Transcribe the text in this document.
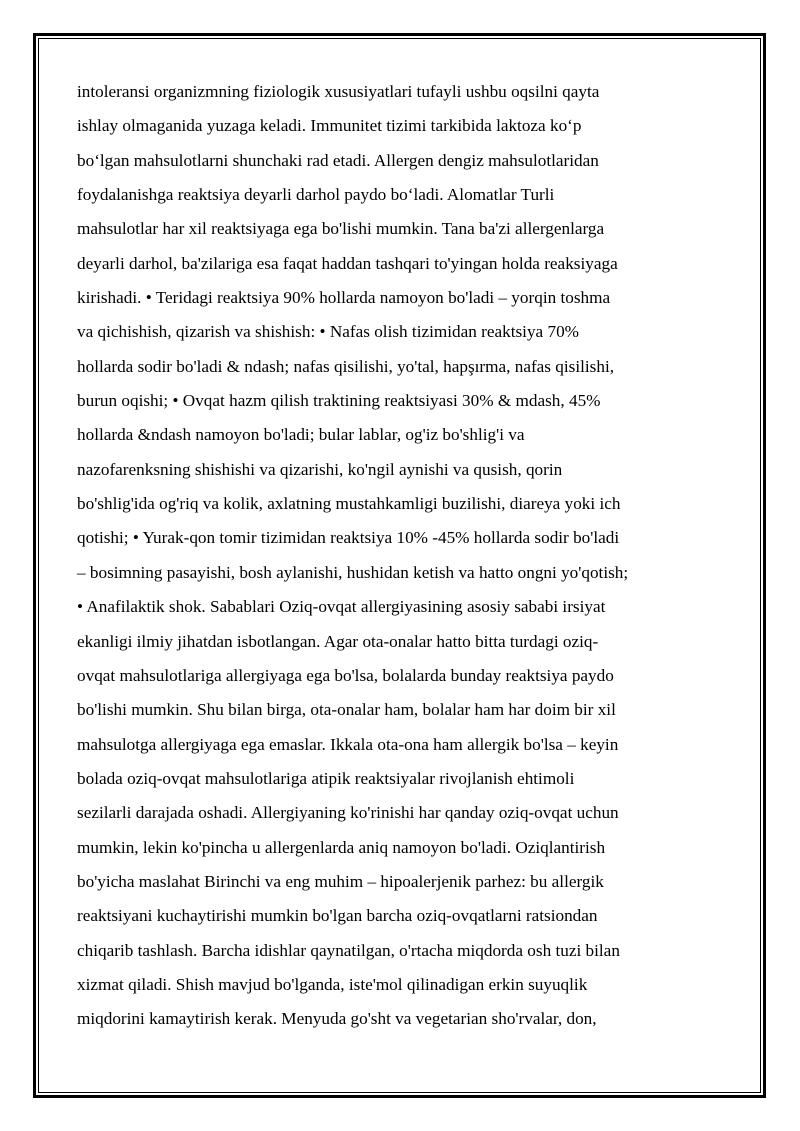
intoleransi organizmning fiziologik xususiyatlari tufayli ushbu oqsilni qayta
ishlay olmaganida yuzaga keladi. Immunitet tizimi tarkibida laktoza ko‘p
bo‘lgan mahsulotlarni shunchaki rad etadi. Allergen dengiz mahsulotlaridan
foydalanishga reaktsiya deyarli darhol paydo bo‘ladi. Alomatlar Turli
mahsulotlar har xil reaktsiyaga ega bo'lishi mumkin. Tana ba'zi allergenlarga
deyarli darhol, ba'zilariga esa faqat haddan tashqari to'yingan holda reaksiyaga
kirishadi. • Teridagi reaktsiya 90% hollarda namoyon bo'ladi – yorqin toshma
va qichishish, qizarish va shishish: • Nafas olish tizimidan reaktsiya 70%
hollarda sodir bo'ladi & ndash; nafas qisilishi, yo'tal, hapşırma, nafas qisilishi,
burun oqishi; • Ovqat hazm qilish traktining reaktsiyasi 30% & mdash, 45%
hollarda &ndash namoyon bo'ladi; bular lablar, og'iz bo'shlig'i va
nazofarenksning shishishi va qizarishi, ko'ngil aynishi va qusish, qorin
bo'shlig'ida og'riq va kolik, axlatning mustahkamligi buzilishi, diareya yoki ich
qotishi; • Yurak-qon tomir tizimidan reaktsiya 10% -45% hollarda sodir bo'ladi
– bosimning pasayishi, bosh aylanishi, hushidan ketish va hatto ongni yo'qotish;
• Anafilaktik shok. Sabablari Oziq-ovqat allergiyasining asosiy sababi irsiyat
ekanligi ilmiy jihatdan isbotlangan. Agar ota-onalar hatto bitta turdagi oziq-
ovqat mahsulotlariga allergiyaga ega bo'lsa, bolalarda bunday reaktsiya paydo
bo'lishi mumkin. Shu bilan birga, ota-onalar ham, bolalar ham har doim bir xil
mahsulotga allergiyaga ega emaslar. Ikkala ota-ona ham allergik bo'lsa – keyin
bolada oziq-ovqat mahsulotlariga atipik reaktsiyalar rivojlanish ehtimoli
sezilarli darajada oshadi. Allergiyaning ko'rinishi har qanday oziq-ovqat uchun
mumkin, lekin ko'pincha u allergenlarda aniq namoyon bo'ladi. Oziqlantirish
bo'yicha maslahat Birinchi va eng muhim – hipoalerjenik parhez: bu allergik
reaktsiyani kuchaytirishi mumkin bo'lgan barcha oziq-ovqatlarni ratsiondan
chiqarib tashlash. Barcha idishlar qaynatilgan, o'rtacha miqdorda osh tuzi bilan
xizmat qiladi. Shish mavjud bo'lganda, iste'mol qilinadigan erkin suyuqlik
miqdorini kamaytirish kerak. Menyuda go'sht va vegetarian sho'rvalar, don,
